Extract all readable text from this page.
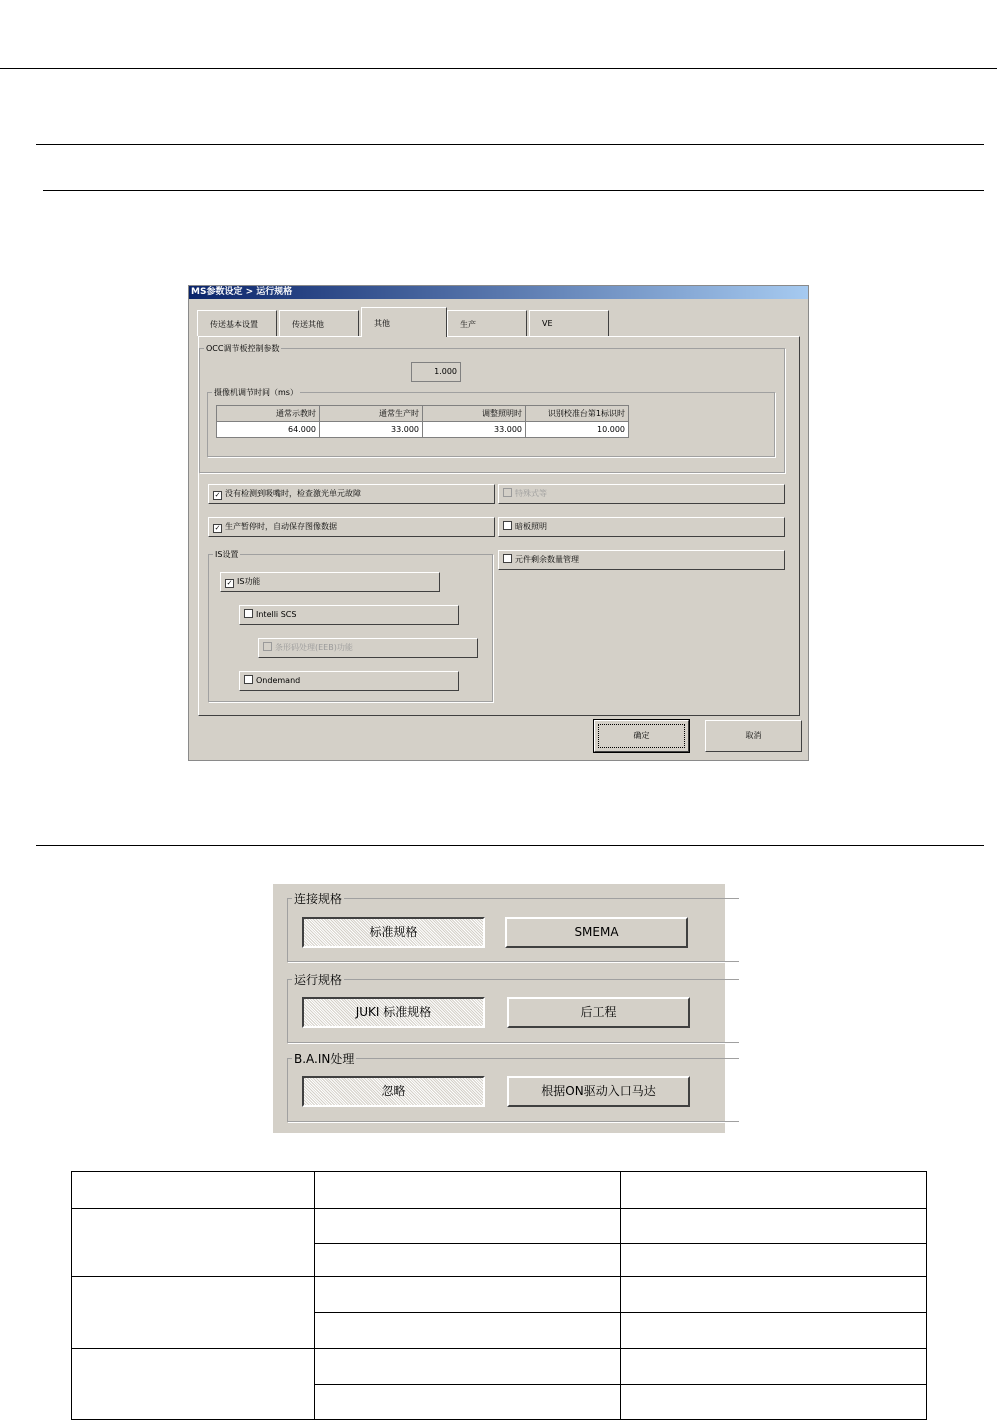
MS参数设定 > 运行规格
传送基本设置	传送其他	其他	生产	VE
OCC调节板控制参数
1.000
摄像机调节时间（ms）
通常示教时	通常生产时	调整照明时	识别校准台第1标识时
64.000	33.000	33.000	10.000
✓ 没有检测到吸嘴时，检查激光单元故障
✓ 生产暂停时，自动保存图像数据
特殊式等
暗板照明
元件剩余数量管理
IS设置
✓ IS功能
Intelli SCS
条形码处理(EEB)功能
Ondemand
确定	取消
连接规格
标准规格	SMEMA
运行规格
JUKI 标准规格	后工程
B.A.IN处理
忽略	根据ON驱动入口马达
